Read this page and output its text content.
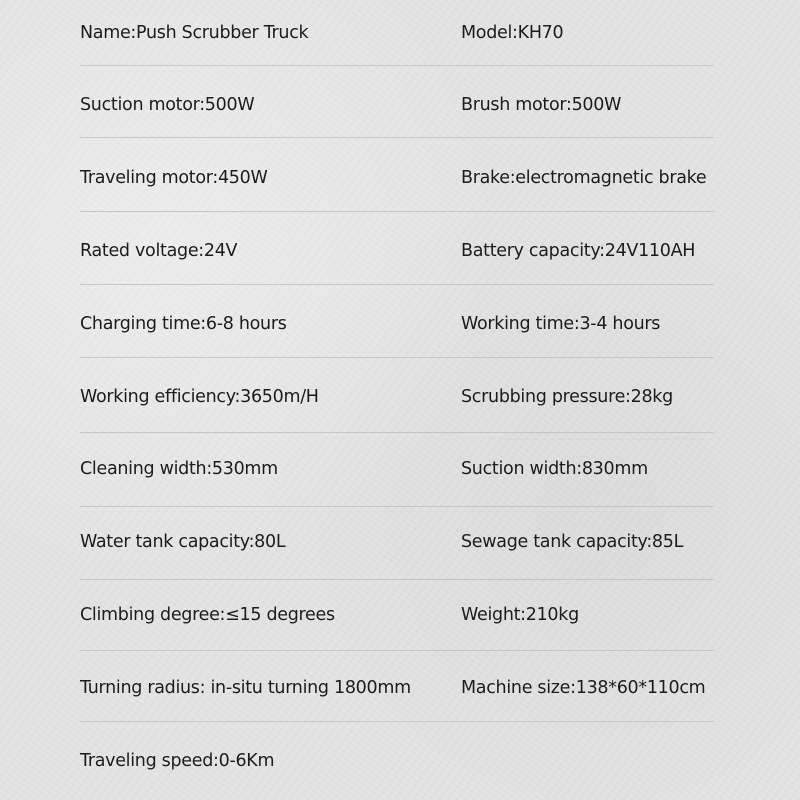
Name:Push Scrubber Truck	Model:KH70
Suction motor:500W	Brush motor:500W
Traveling motor:450W	Brake:electromagnetic brake
Rated voltage:24V	Battery capacity:24V110AH
Charging time:6-8 hours	Working time:3-4 hours
Working efficiency:3650m/H	Scrubbing pressure:28kg
Cleaning width:530mm	Suction width:830mm
Water tank capacity:80L	Sewage tank capacity:85L
Climbing degree:≤15 degrees	Weight:210kg
Turning radius: in-situ turning 1800mm	Machine size:138*60*110cm
Traveling speed:0-6Km
